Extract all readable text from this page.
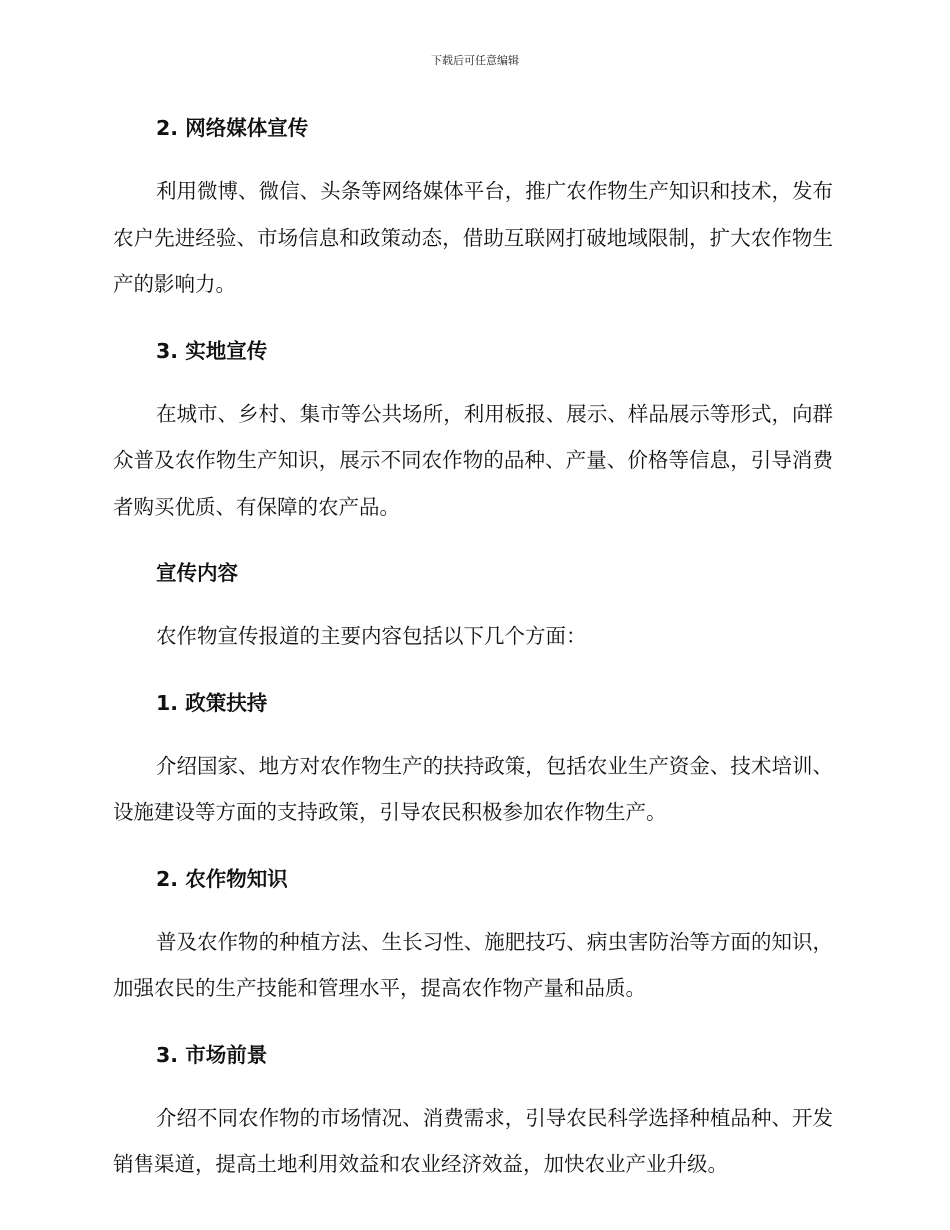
下载后可任意编辑
2. 网络媒体宣传

利用微博、微信、头条等网络媒体平台，推广农作物生产知识和技术，发布农户先进经验、市场信息和政策动态，借助互联网打破地域限制，扩大农作物生产的影响力。

3. 实地宣传

在城市、乡村、集市等公共场所，利用板报、展示、样品展示等形式，向群众普及农作物生产知识，展示不同农作物的品种、产量、价格等信息，引导消费者购买优质、有保障的农产品。

宣传内容

农作物宣传报道的主要内容包括以下几个方面：

1. 政策扶持

介绍国家、地方对农作物生产的扶持政策，包括农业生产资金、技术培训、设施建设等方面的支持政策，引导农民积极参加农作物生产。

2. 农作物知识

普及农作物的种植方法、生长习性、施肥技巧、病虫害防治等方面的知识，加强农民的生产技能和管理水平，提高农作物产量和品质。

3. 市场前景

介绍不同农作物的市场情况、消费需求，引导农民科学选择种植品种、开发销售渠道，提高土地利用效益和农业经济效益，加快农业产业升级。
